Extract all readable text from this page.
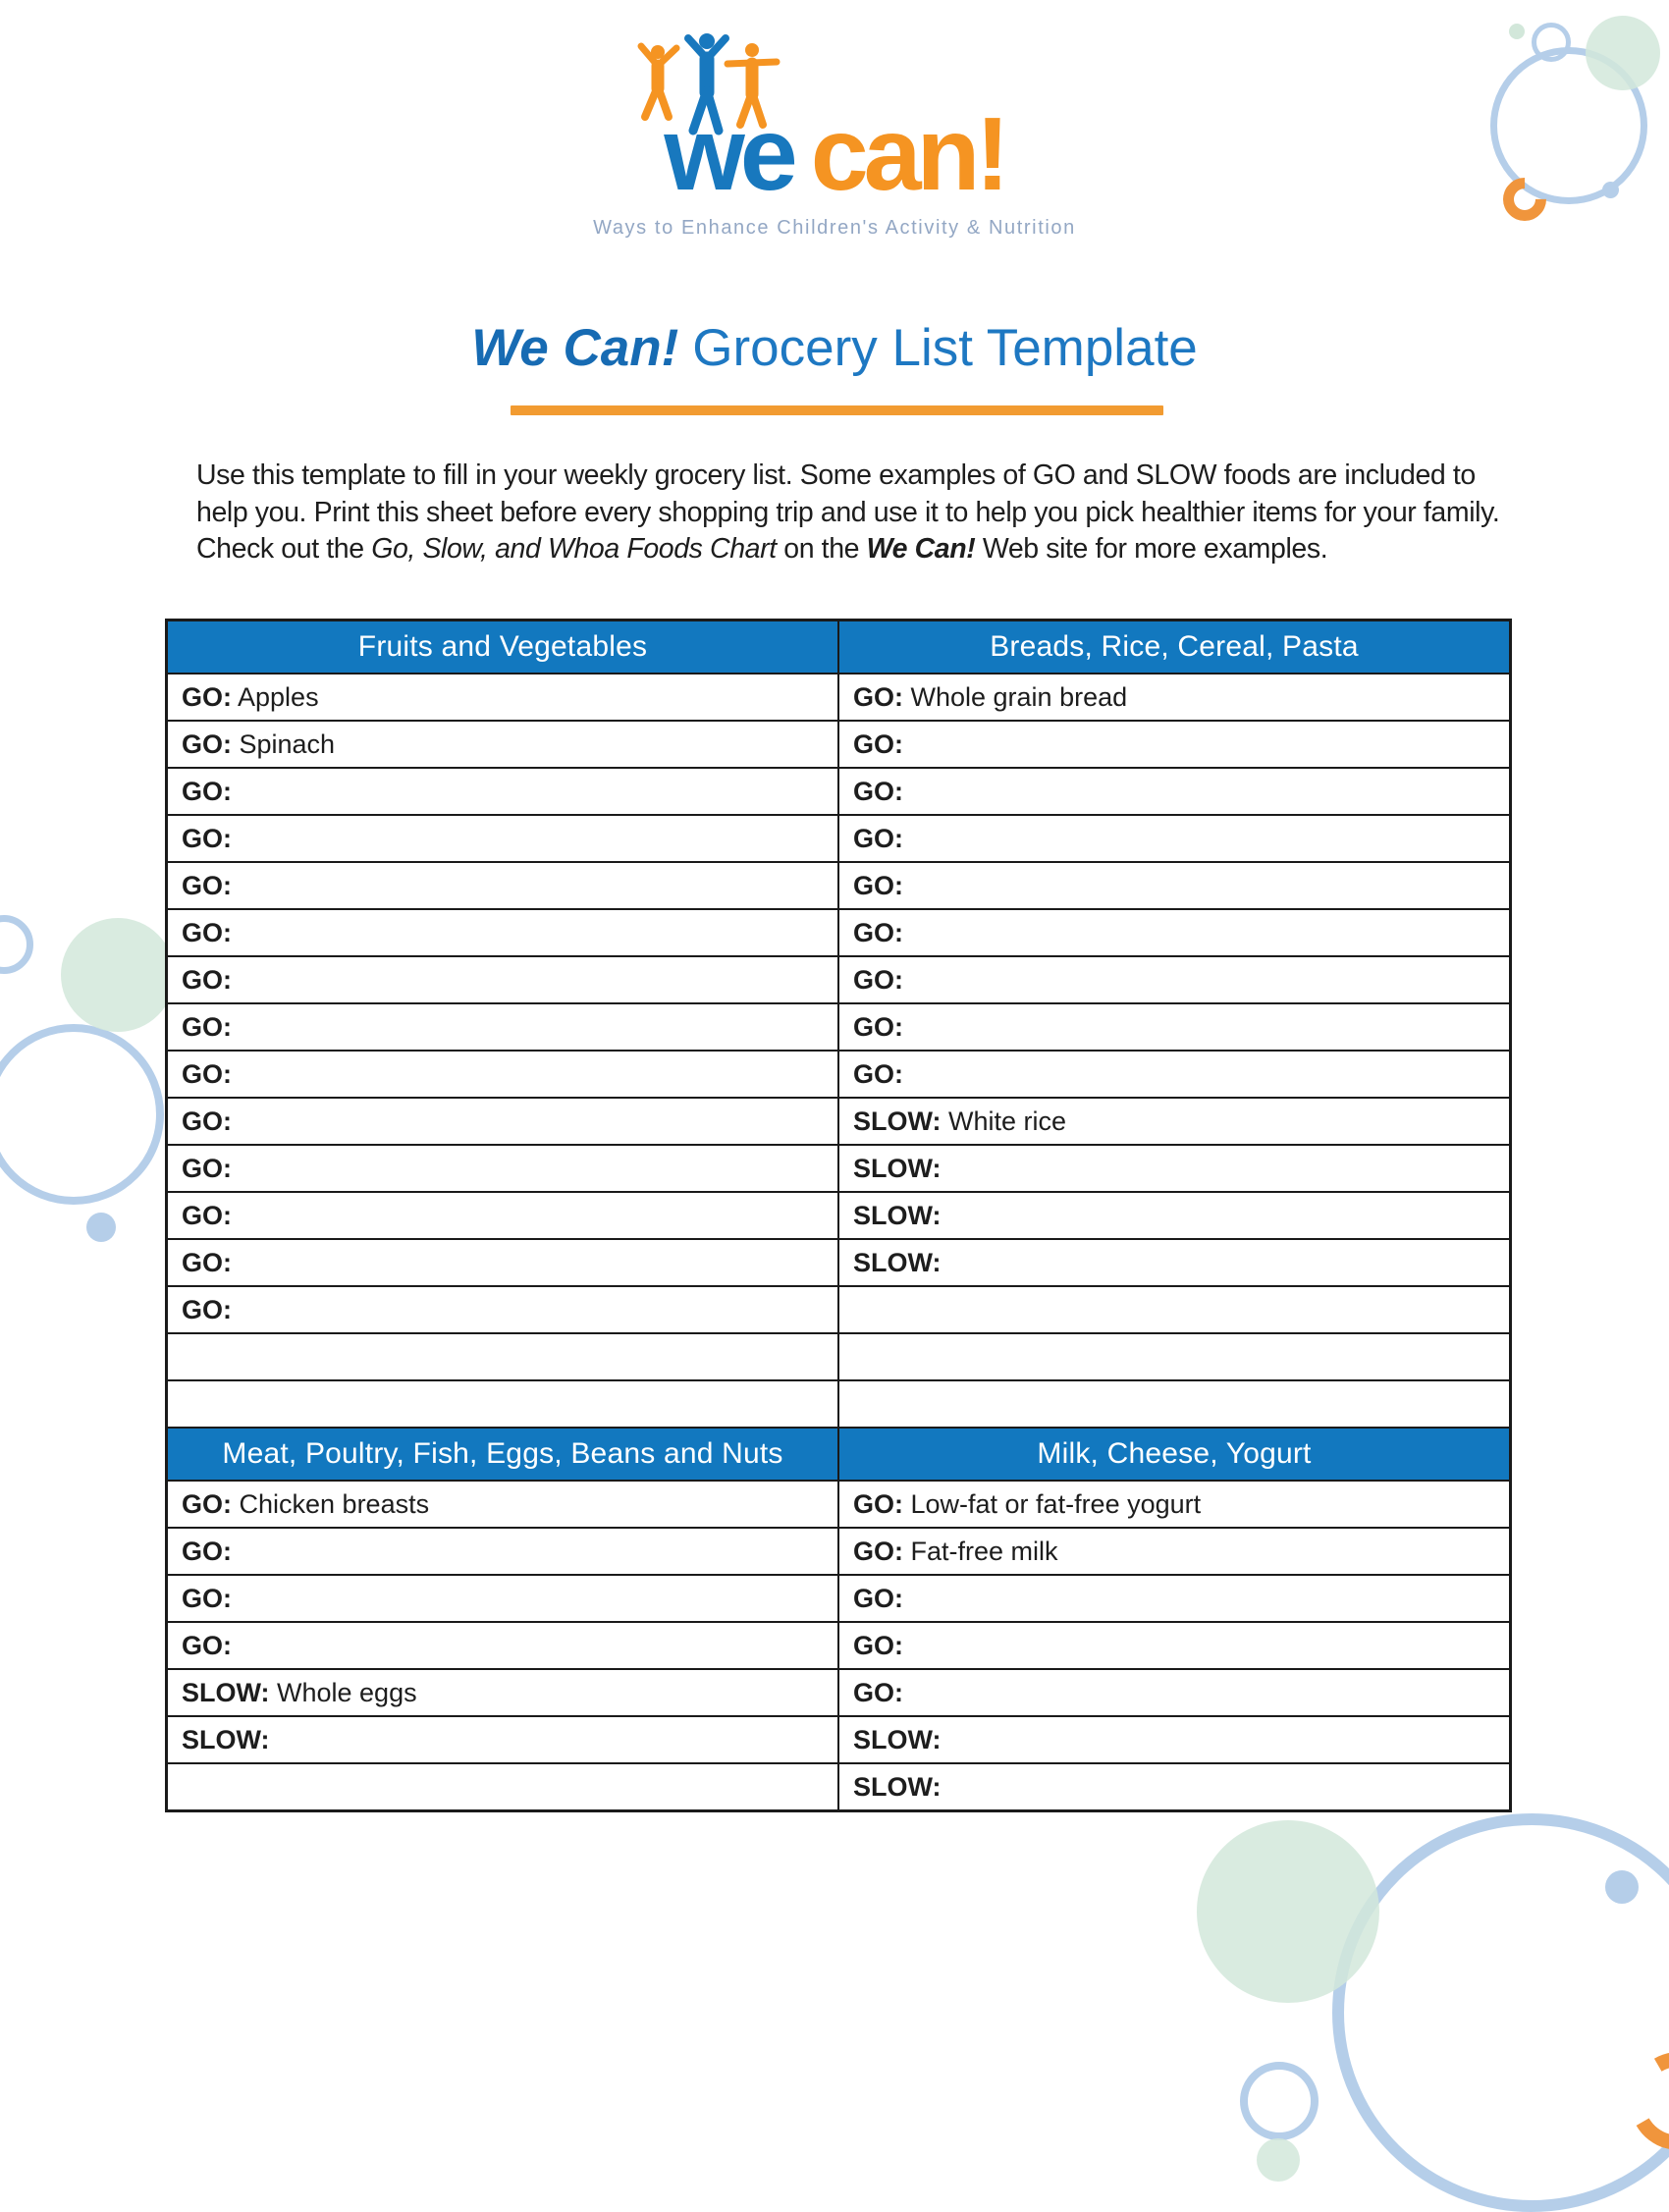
we can!
Ways to Enhance Children's Activity & Nutrition
We Can! Grocery List Template

Use this template to fill in your weekly grocery list. Some examples of GO and SLOW foods are included to help you. Print this sheet before every shopping trip and use it to help you pick healthier items for your family. Check out the Go, Slow, and Whoa Foods Chart on the We Can! Web site for more examples.

Fruits and Vegetables	Breads, Rice, Cereal, Pasta
GO: Apples	GO: Whole grain bread
GO: Spinach	GO:
GO:	GO:
GO:	GO:
GO:	GO:
GO:	GO:
GO:	GO:
GO:	GO:
GO:	GO:
GO:	SLOW: White rice
GO:	SLOW:
GO:	SLOW:
GO:	SLOW:
GO:	

Meat, Poultry, Fish, Eggs, Beans and Nuts	Milk, Cheese, Yogurt
GO: Chicken breasts	GO: Low-fat or fat-free yogurt
GO:	GO: Fat-free milk
GO:	GO:
GO:	GO:
SLOW: Whole eggs	GO:
SLOW:	SLOW:
	SLOW:
